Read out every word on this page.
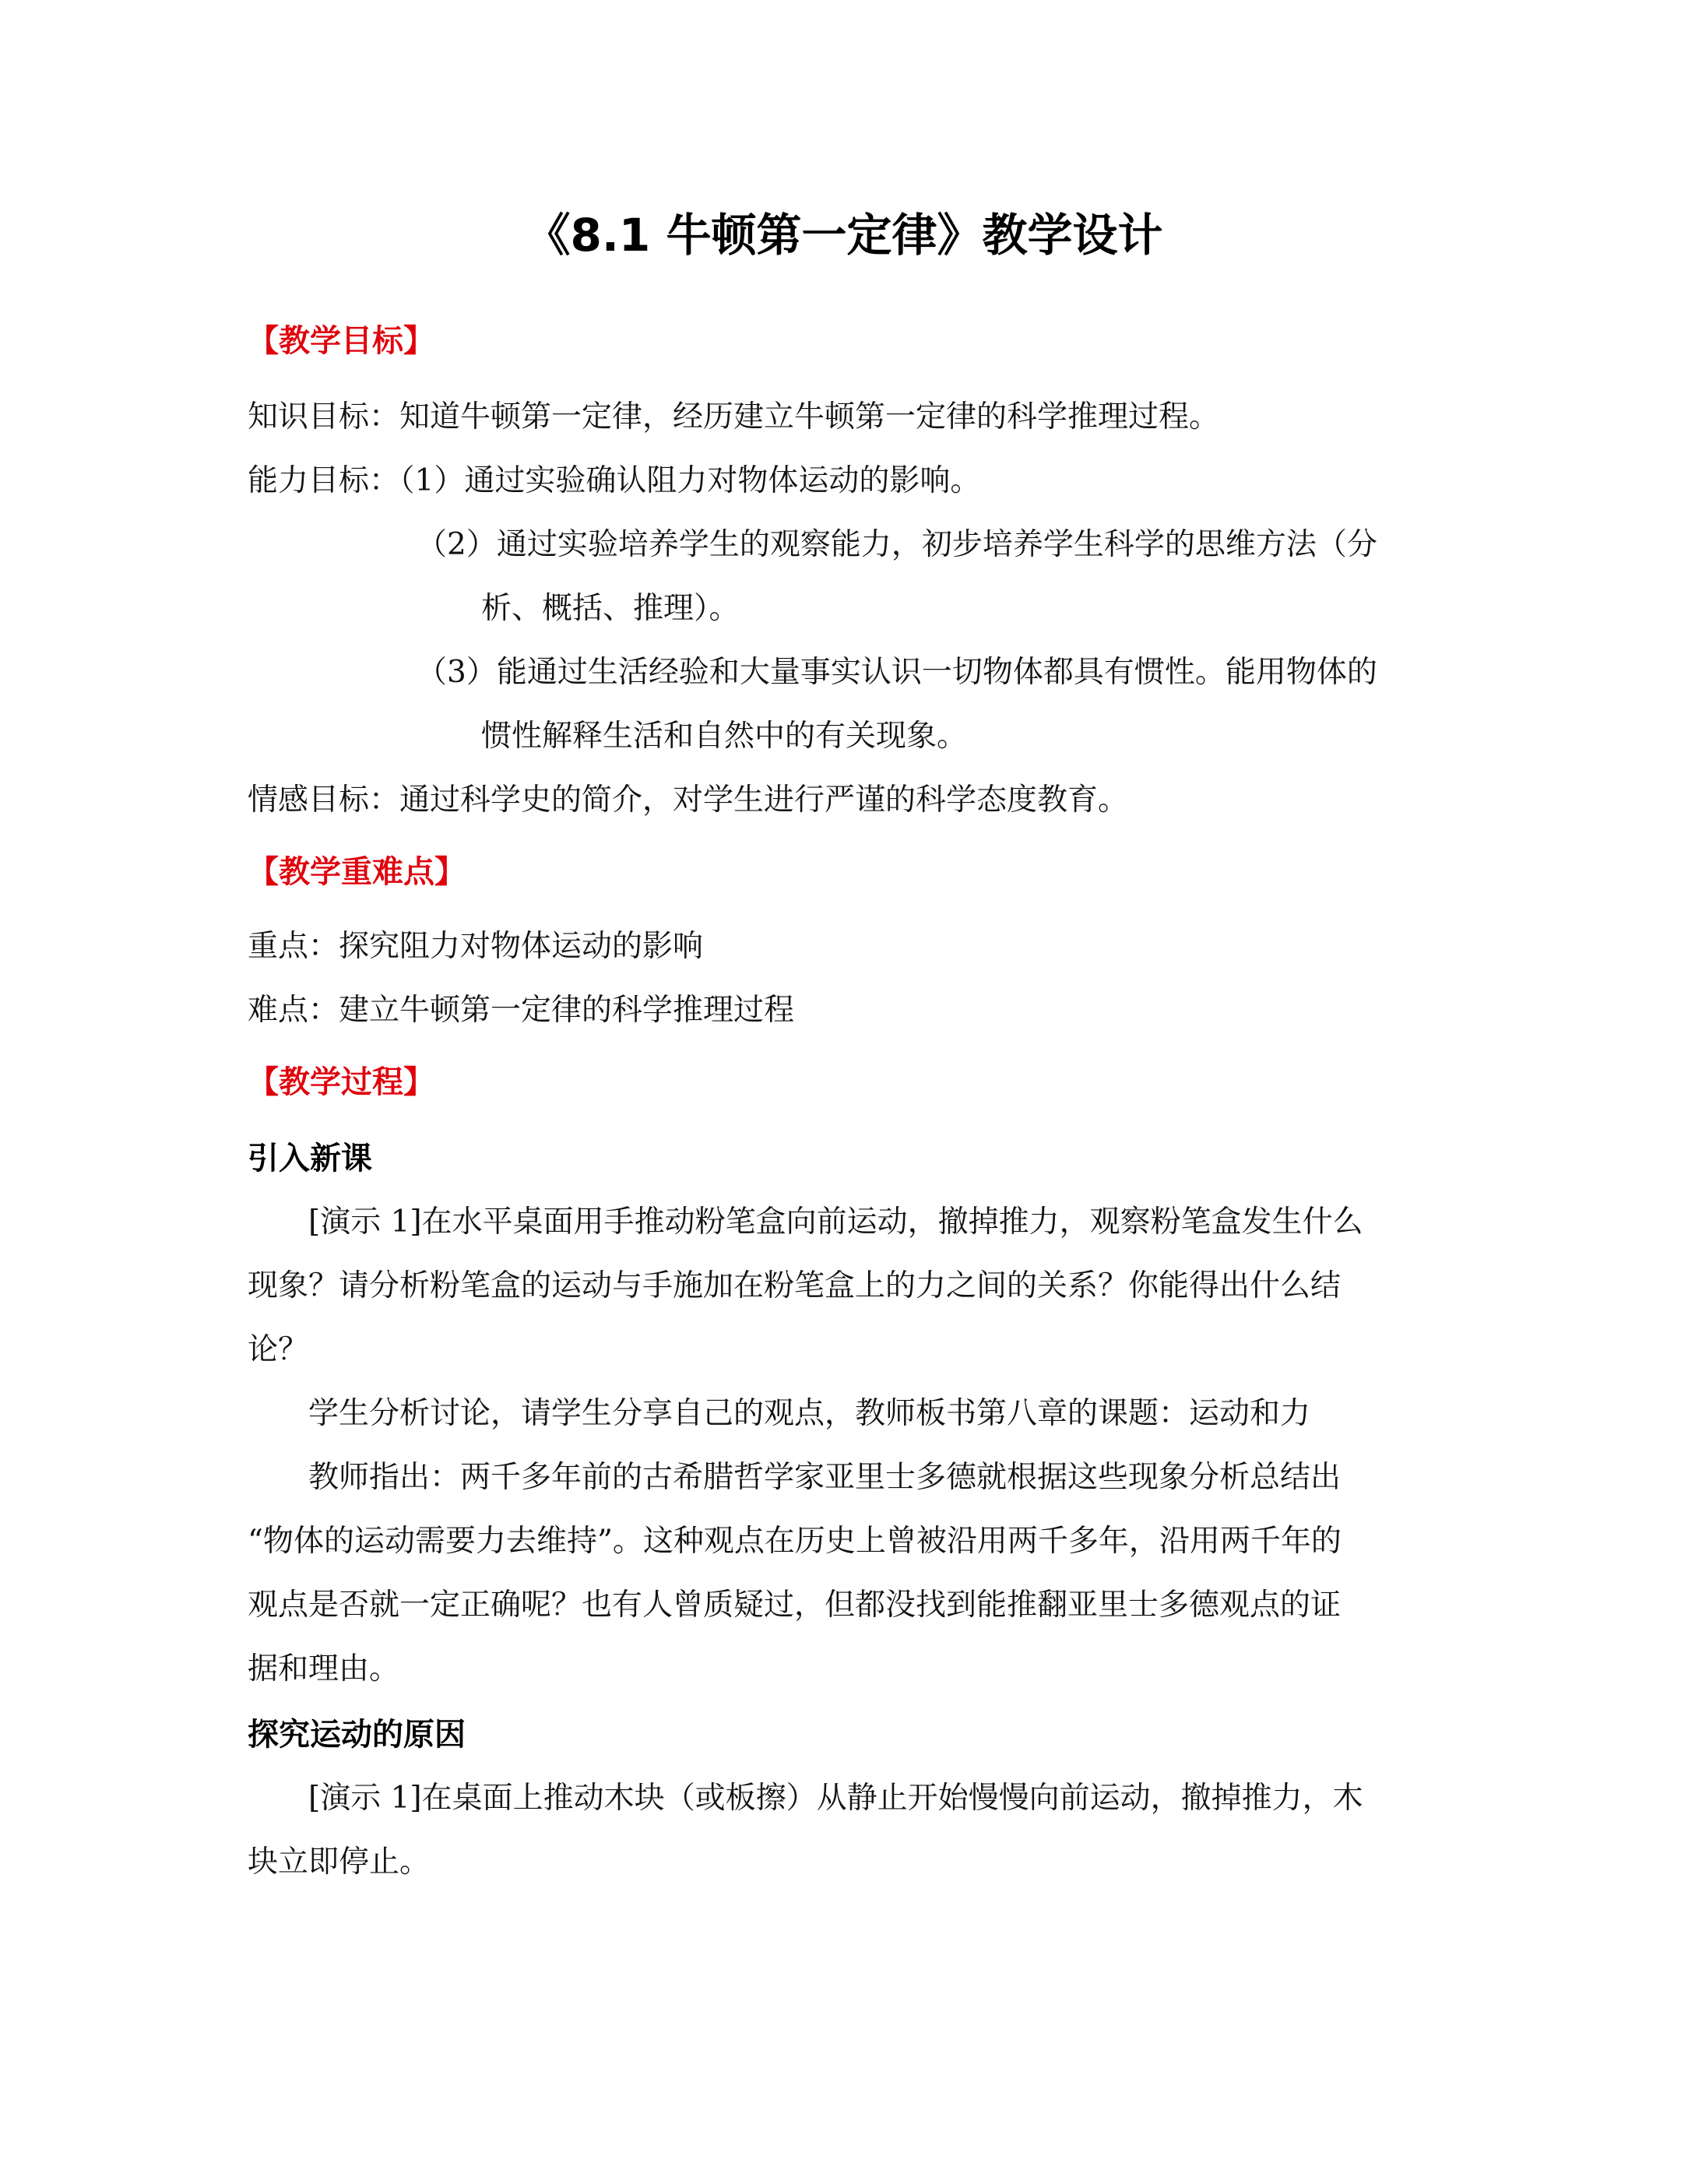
《8.1 牛顿第一定律》教学设计
【教学目标】
知识目标：知道牛顿第一定律，经历建立牛顿第一定律的科学推理过程。
能力目标：（1）通过实验确认阻力对物体运动的影响。
（2）通过实验培养学生的观察能力，初步培养学生科学的思维方法（分
析、概括、推理）。
（3）能通过生活经验和大量事实认识一切物体都具有惯性。能用物体的
惯性解释生活和自然中的有关现象。
情感目标：通过科学史的简介，对学生进行严谨的科学态度教育。
【教学重难点】
重点：探究阻力对物体运动的影响
难点：建立牛顿第一定律的科学推理过程
【教学过程】
引入新课
[演示 1]在水平桌面用手推动粉笔盒向前运动，撤掉推力，观察粉笔盒发生什么
现象？请分析粉笔盒的运动与手施加在粉笔盒上的力之间的关系？你能得出什么结
论？
学生分析讨论，请学生分享自己的观点，教师板书第八章的课题：运动和力
教师指出：两千多年前的古希腊哲学家亚里士多德就根据这些现象分析总结出
“物体的运动需要力去维持”。这种观点在历史上曾被沿用两千多年，沿用两千年的
观点是否就一定正确呢？也有人曾质疑过，但都没找到能推翻亚里士多德观点的证
据和理由。
探究运动的原因
[演示 1]在桌面上推动木块（或板擦）从静止开始慢慢向前运动，撤掉推力，木
块立即停止。
